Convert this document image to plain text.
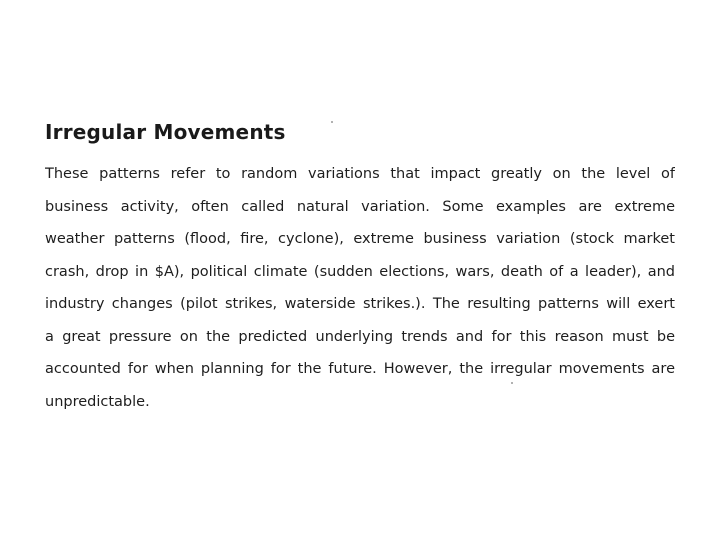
Irregular Movements
These patterns refer to random variations that impact greatly on the level of
business activity, often called natural variation. Some examples are extreme
weather patterns (flood, fire, cyclone), extreme business variation (stock market
crash, drop in $A), political climate (sudden elections, wars, death of a leader), and
industry changes (pilot strikes, waterside strikes.). The resulting patterns will exert
a great pressure on the predicted underlying trends and for this reason must be
accounted for when planning for the future. However, the irregular movements are
unpredictable.
